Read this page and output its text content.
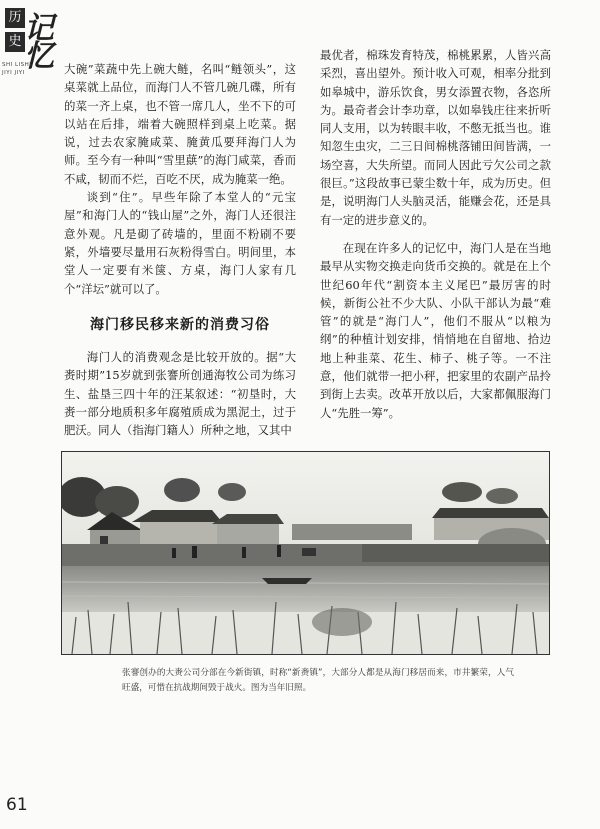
历
史 记
忆
SHI LISHI
JIYI JIYI	大碗”菜蔬中先上碗大鲢，名叫“鲢领头”，这桌菜就上品位，而海门人不管几碗几碟，所有的菜一齐上桌，也不管一席几人，坐不下的可以站在后排，端着大碗照样到桌上吃菜。据说，过去农家腌咸菜、腌黄瓜要拜海门人为师。至今有一种叫“雪里蕻”的海门咸菜，香而不咸，韧而不烂，百吃不厌，成为腌菜一绝。

谈到“住”。早些年除了本堂人的“元宝屋”和海门人的“钱山屋”之外，海门人还很注意外观。凡是砌了砖墙的，里面不粉刷不要紧，外墙要尽量用石灰粉得雪白。明间里，本堂人一定要有米箧、方桌，海门人家有几个“洋坛”就可以了。

海门移民移来新的消费习俗

海门人的消费观念是比较开放的。据“大赉时期”15岁就到张謇所创通海牧公司为练习生、盐垦三四十年的汪某叙述：“初垦时，大赉一部分地质积多年腐殖质成为黑泥土，过于肥沃。同人（指海门籍人）所种之地，又其中

最优者，棉珠发育特茂，棉桃累累，人皆兴高采烈，喜出望外。预计收入可观，相率分批到如皋城中，游乐饮食，男女添置衣物，各恣所为。最奇者会计李功章，以如皋钱庄往来折听同人支用，以为转眼丰收，不憋无抵当也。谁知忽生虫灾，二三日间棉桃落铺田间皆满，一场空喜，大失所望。而同人因此亏欠公司之款很巨。”这段故事已蒙尘数十年，成为历史。但是，说明海门人头脑灵活，能赚会花，还是具有一定的进步意义的。

在现在许多人的记忆中，海门人是在当地最早从实物交换走向货币交换的。就是在上个世纪60年代“割资本主义尾巴”最厉害的时候，新街公社不少大队、小队干部认为最“难管”的就是“海门人”，他们不服从“以粮为纲”的种植计划安排，悄悄地在自留地、拾边地上种韭菜、花生、柿子、桃子等。一不注意，他们就带一把小秤，把家里的农副产品拎到街上去卖。改革开放以后，大家都佩服海门人“先胜一筹”。

张謇创办的大赉公司分部在今新街镇，时称“新赉镇”，大部分人都是从海门移居而来，市井繁荣，人气旺盛，可惜在抗战期间毁于战火。图为当年旧照。
61
